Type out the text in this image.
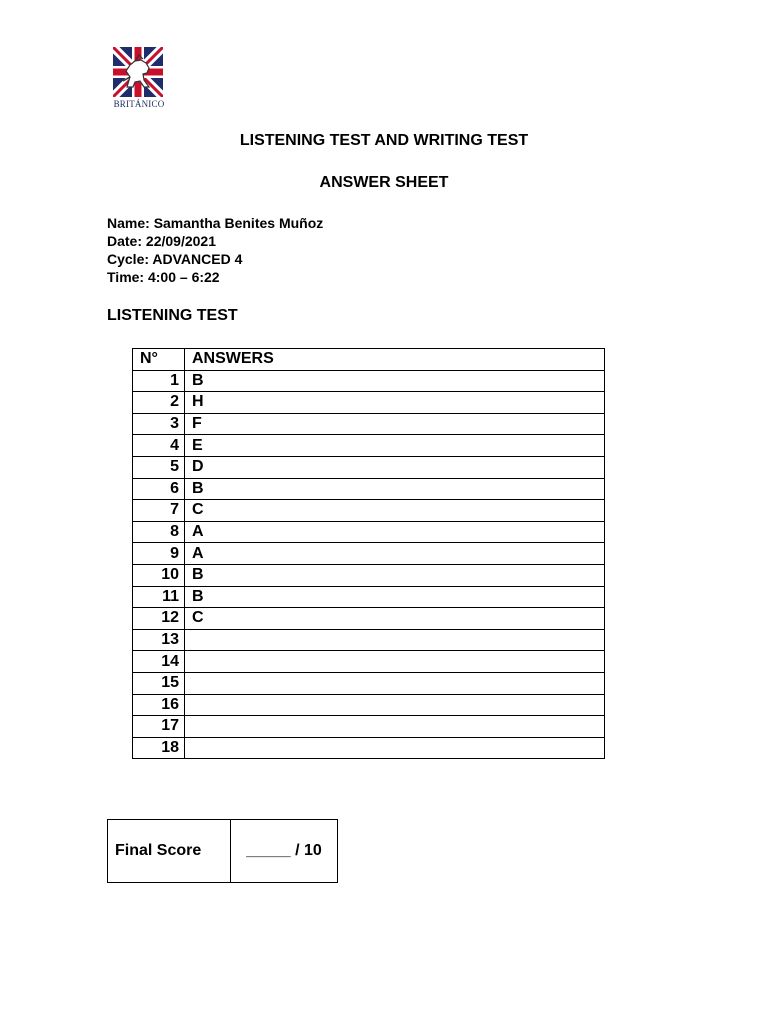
BRITÁNICO
LISTENING TEST AND WRITING TEST
ANSWER SHEET
Name: Samantha Benites Muñoz
Date: 22/09/2021
Cycle: ADVANCED 4
Time: 4:00 – 6:22
LISTENING TEST
N°	ANSWERS
1	B
2	H
3	F
4	E
5	D
6	B
7	C
8	A
9	A
10	B
11	B
12	C
13	
14	
15	
16	
17	
18	
Final Score	_____ / 10
